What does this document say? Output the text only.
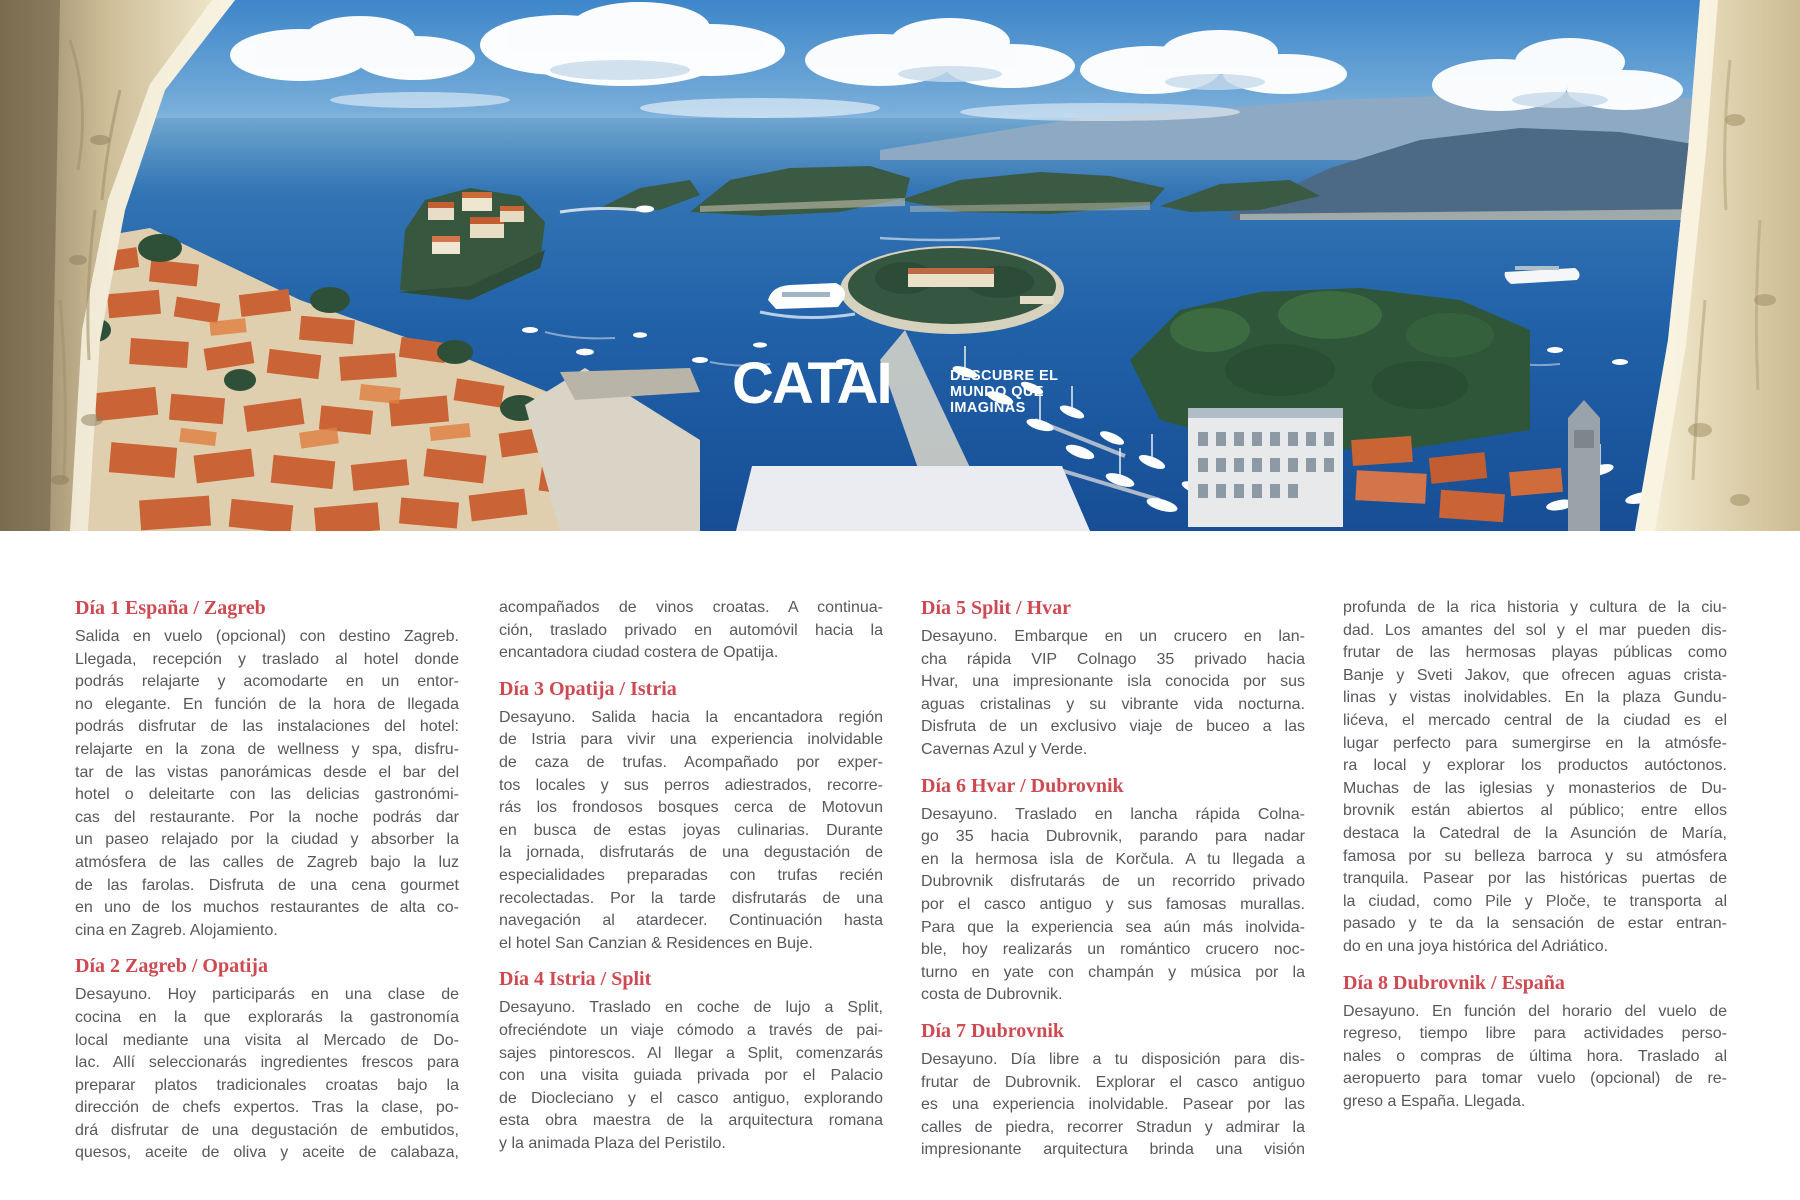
CATAI	DESCUBRE EL
MUNDO QUE
IMAGINAS
Día 1 España / Zagreb
Salida en vuelo (opcional) con destino Zagreb.
Llegada, recepción y traslado al hotel donde
podrás relajarte y acomodarte en un entor-
no elegante. En función de la hora de llegada
podrás disfrutar de las instalaciones del hotel:
relajarte en la zona de wellness y spa, disfru-
tar de las vistas panorámicas desde el bar del
hotel o deleitarte con las delicias gastronómi-
cas del restaurante. Por la noche podrás dar
un paseo relajado por la ciudad y absorber la
atmósfera de las calles de Zagreb bajo la luz
de las farolas. Disfruta de una cena gourmet
en uno de los muchos restaurantes de alta co-
cina en Zagreb. Alojamiento.
Día 2 Zagreb / Opatija
Desayuno. Hoy participarás en una clase de
cocina en la que explorarás la gastronomía
local mediante una visita al Mercado de Do-
lac. Allí seleccionarás ingredientes frescos para
preparar platos tradicionales croatas bajo la
dirección de chefs expertos. Tras la clase, po-
drá disfrutar de una degustación de embutidos,
quesos, aceite de oliva y aceite de calabaza,
acompañados de vinos croatas. A continua-
ción, traslado privado en automóvil hacia la
encantadora ciudad costera de Opatija.
Día 3 Opatija / Istria
Desayuno. Salida hacia la encantadora región
de Istria para vivir una experiencia inolvidable
de caza de trufas. Acompañado por exper-
tos locales y sus perros adiestrados, recorre-
rás los frondosos bosques cerca de Motovun
en busca de estas joyas culinarias. Durante
la jornada, disfrutarás de una degustación de
especialidades preparadas con trufas recién
recolectadas. Por la tarde disfrutarás de una
navegación al atardecer. Continuación hasta
el hotel San Canzian & Residences en Buje.
Día 4 Istria / Split
Desayuno. Traslado en coche de lujo a Split,
ofreciéndote un viaje cómodo a través de pai-
sajes pintorescos. Al llegar a Split, comenzarás
con una visita guiada privada por el Palacio
de Diocleciano y el casco antiguo, explorando
esta obra maestra de la arquitectura romana
y la animada Plaza del Peristilo.
Día 5 Split / Hvar
Desayuno. Embarque en un crucero en lan-
cha rápida VIP Colnago 35 privado hacia
Hvar, una impresionante isla conocida por sus
aguas cristalinas y su vibrante vida nocturna.
Disfruta de un exclusivo viaje de buceo a las
Cavernas Azul y Verde.
Día 6 Hvar / Dubrovnik
Desayuno. Traslado en lancha rápida Colna-
go 35 hacia Dubrovnik, parando para nadar
en la hermosa isla de Korčula. A tu llegada a
Dubrovnik disfrutarás de un recorrido privado
por el casco antiguo y sus famosas murallas.
Para que la experiencia sea aún más inolvida-
ble, hoy realizarás un romántico crucero noc-
turno en yate con champán y música por la
costa de Dubrovnik.
Día 7 Dubrovnik
Desayuno. Día libre a tu disposición para dis-
frutar de Dubrovnik. Explorar el casco antiguo
es una experiencia inolvidable. Pasear por las
calles de piedra, recorrer Stradun y admirar la
impresionante arquitectura brinda una visión
profunda de la rica historia y cultura de la ciu-
dad. Los amantes del sol y el mar pueden dis-
frutar de las hermosas playas públicas como
Banje y Sveti Jakov, que ofrecen aguas crista-
linas y vistas inolvidables. En la plaza Gundu-
lićeva, el mercado central de la ciudad es el
lugar perfecto para sumergirse en la atmósfe-
ra local y explorar los productos autóctonos.
Muchas de las iglesias y monasterios de Du-
brovnik están abiertos al público; entre ellos
destaca la Catedral de la Asunción de María,
famosa por su belleza barroca y su atmósfera
tranquila. Pasear por las históricas puertas de
la ciudad, como Pile y Ploče, te transporta al
pasado y te da la sensación de estar entran-
do en una joya histórica del Adriático.
Día 8 Dubrovnik / España
Desayuno. En función del horario del vuelo de
regreso, tiempo libre para actividades perso-
nales o compras de última hora. Traslado al
aeropuerto para tomar vuelo (opcional) de re-
greso a España. Llegada.
